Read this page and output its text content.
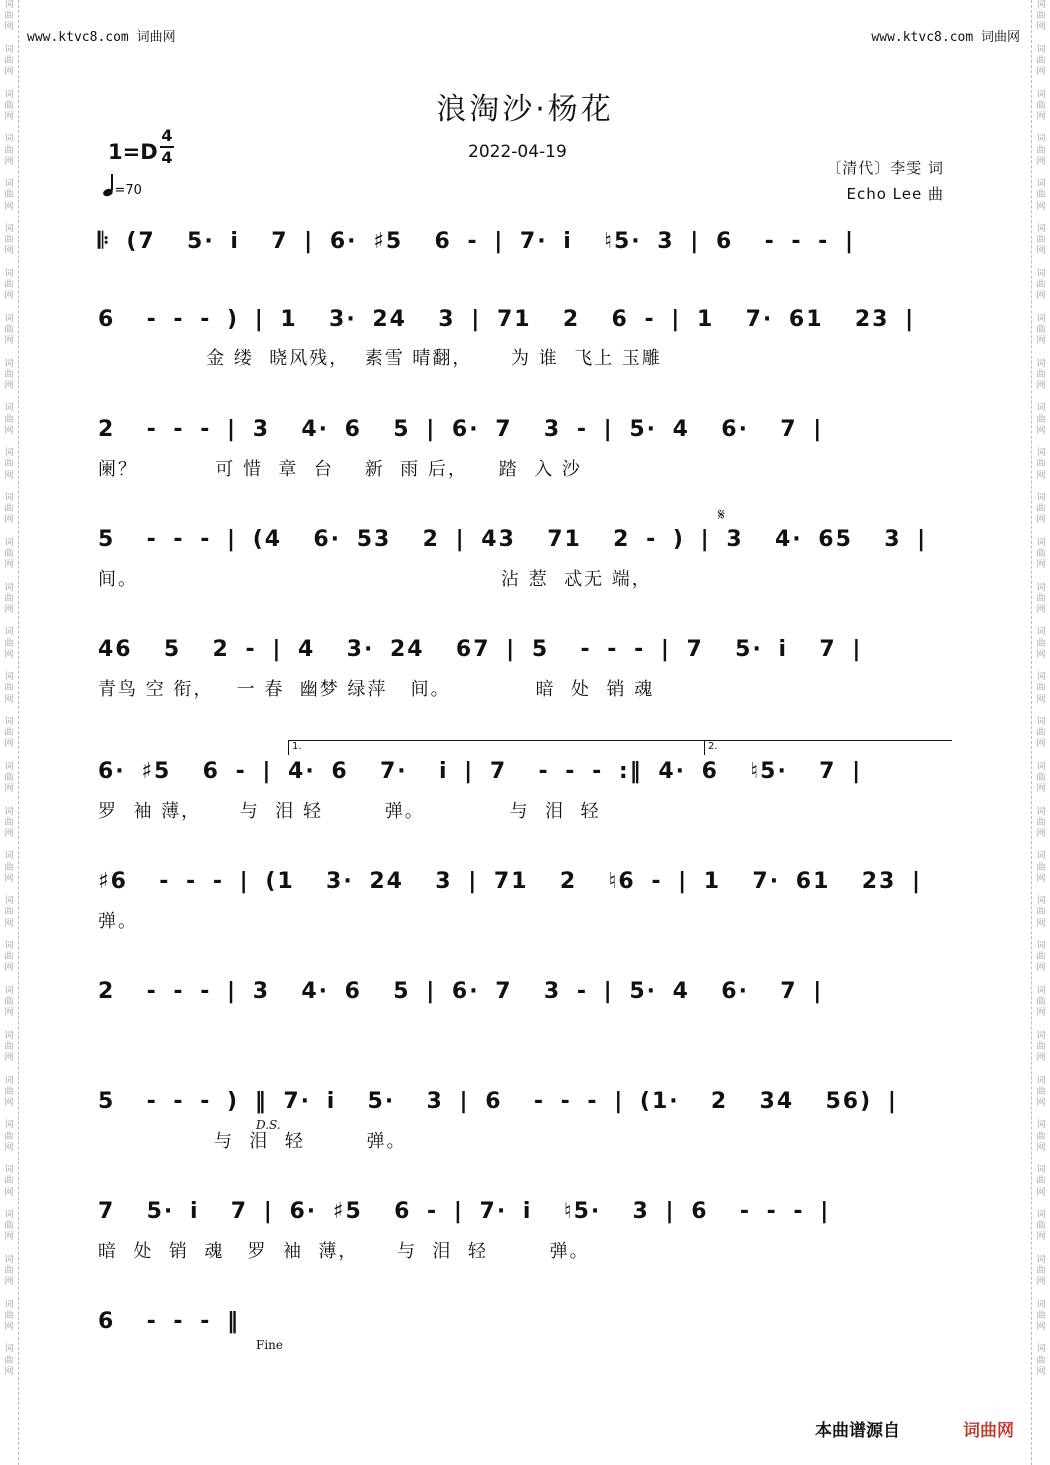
词
曲
网

词
曲
网

词
曲
网

词
曲
网

词
曲
网

词
曲
网

词
曲
网

词
曲
网

词
曲
网

词
曲
网

词
曲
网

词
曲
网

词
曲
网

词
曲
网

词
曲
网

词
曲
网

词
曲
网

词
曲
网

词
曲
网

词
曲
网

词
曲
网

词
曲
网

词
曲
网

词
曲
网

词
曲
网

词
曲
网

词
曲
网

词
曲
网

词
曲
网

词
曲
网

词
曲
网
词
曲
网

词
曲
网

词
曲
网

词
曲
网

词
曲
网

词
曲
网

词
曲
网

词
曲
网

词
曲
网

词
曲
网

词
曲
网

词
曲
网

词
曲
网

词
曲
网

词
曲
网

词
曲
网

词
曲
网

词
曲
网

词
曲
网

词
曲
网

词
曲
网

词
曲
网

词
曲
网

词
曲
网

词
曲
网

词
曲
网

词
曲
网

词
曲
网

词
曲
网

词
曲
网

词
曲
网
www.ktvc8.com 词曲网	www.ktvc8.com 词曲网
浪淘沙·杨花
1=D
4
4
=70
2022-04-19
〔清代〕李雯 词
Echo Lee 曲
𝄆 (7  5· i  7 | 6· ♯5  6 - | 7· i  ♮5· 3 | 6  - - - |
6  - - - ) | 1  3· 24  3 | 71  2  6 - | 1  7· 61  23 |
金 缕  晓风残，  素雪 晴翻，     为 谁  飞上 玉雕
2  - - - | 3  4· 6  5 | 6· 7  3 - | 5· 4  6·  7 |
阑？          可 惜  章  台    新  雨 后，    踏  入 沙
𝄋
5  - - - | (4  6· 53  2 | 43  71  2 - ) | 3  4· 65  3 |
间。                                               沾 惹  忒无 端，
46  5  2 - | 4  3· 24  67 | 5  - - - | 7  5· i  7 |
青鸟 空 衔，   一 春  幽梦 绿萍   间。           暗  处  销 魂
1.	2.
6· ♯5  6 - | 4· 6  7·  i | 7  - - - :‖ 4· 6  ♮5·  7 |
罗  袖 薄，     与  泪 轻        弹。           与  泪  轻
♯6  - - - | (1  3· 24  3 | 71  2  ♮6 - | 1  7· 61  23 |
弹。
2  - - - | 3  4· 6  5 | 6· 7  3 - | 5· 4  6·  7 |
5  - - - ) ‖ 7· i  5·  3 | 6  - - - | (1·  2  34  56) |
D.S.
与  泪  轻        弹。
7  5· i  7 | 6· ♯5  6 - | 7· i  ♮5·  3 | 6  - - - |
暗  处  销  魂   罗  袖  薄，     与  泪  轻        弹。
6  - - - ‖
Fine
本曲谱源自	词曲网
